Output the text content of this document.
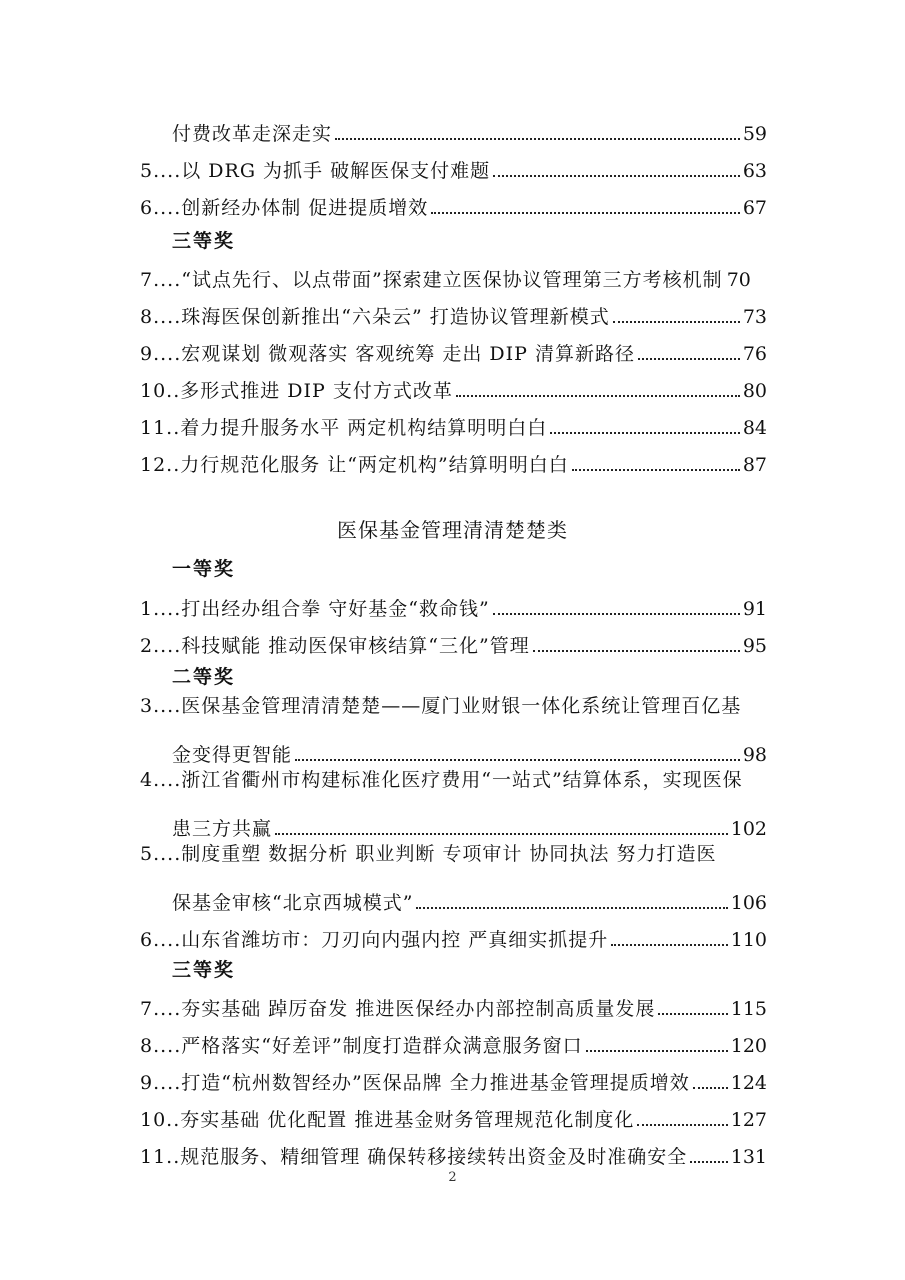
付费改革走深走实	59
5.... 以 DRG 为抓手 破解医保支付难题	63
6.... 创新经办体制 促进提质增效	67
三等奖
7.... “试点先行、以点带面”探索建立医保协议管理第三方考核机制 70
8.... 珠海医保创新推出“六朵云” 打造协议管理新模式	73
9.... 宏观谋划 微观落实 客观统筹 走出 DIP 清算新路径	76
10.. 多形式推进 DIP 支付方式改革	80
11.. 着力提升服务水平 两定机构结算明明白白	84
12.. 力行规范化服务 让“两定机构”结算明明白白	87
医保基金管理清清楚楚类
一等奖
1.... 打出经办组合拳 守好基金“救命钱”	91
2.... 科技赋能 推动医保审核结算“三化”管理	95
二等奖
3....医保基金管理清清楚楚——厦门业财银一体化系统让管理百亿基
金变得更智能	98
4....浙江省衢州市构建标准化医疗费用“一站式”结算体系，实现医保
患三方共赢	102
5....制度重塑 数据分析 职业判断 专项审计 协同执法 努力打造医
保基金审核“北京西城模式”	106
6.... 山东省潍坊市：刀刃向内强内控 严真细实抓提升	110
三等奖
7.... 夯实基础 踔厉奋发 推进医保经办内部控制高质量发展	115
8.... 严格落实“好差评”制度打造群众满意服务窗口	120
9.... 打造“杭州数智经办”医保品牌 全力推进基金管理提质增效 124
10.. 夯实基础 优化配置 推进基金财务管理规范化制度化	127
11.. 规范服务、精细管理 确保转移接续转出资金及时准确安全 131
2
